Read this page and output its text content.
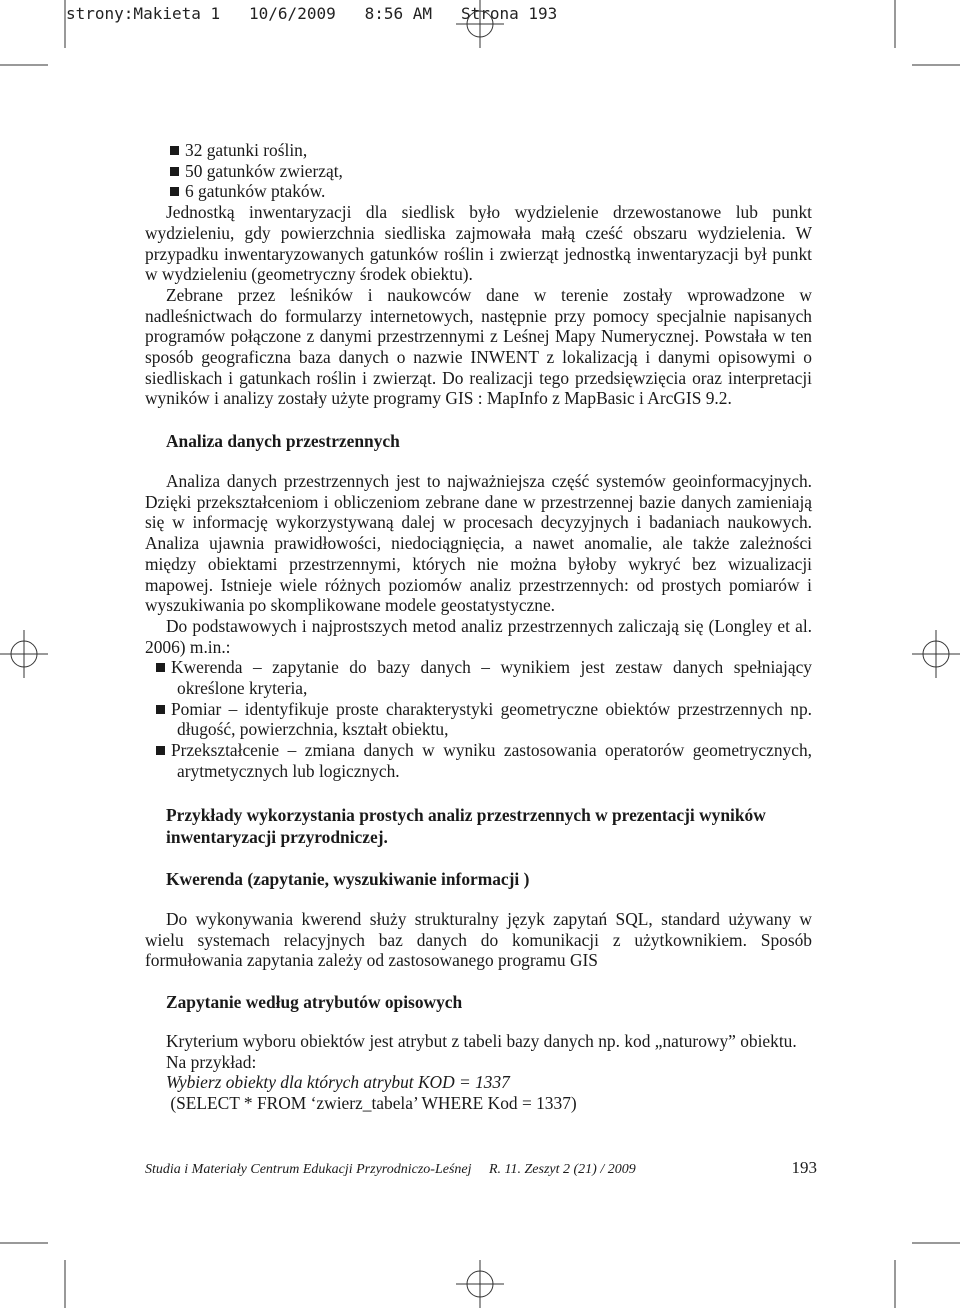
strony:Makieta 1   10/6/2009   8:56 AM   Strona 193
32 gatunki roślin,
50 gatunków zwierząt,
6 gatunków ptaków.

Jednostką inwentaryzacji dla siedlisk było wydzielenie drzewostanowe lub punkt wydzieleniu, gdy powierzchnia siedliska zajmowała małą cześć obszaru wydzielenia. W przypadku inwentaryzowanych gatunków roślin i zwierząt jednostką inwentaryzacji był punkt w wydzieleniu (geometryczny środek obiektu).

Zebrane przez leśników i naukowców dane w terenie zostały wprowadzone w nadleśnictwach do formularzy internetowych, następnie przy pomocy specjalnie napisanych programów połączone z danymi przestrzennymi z Leśnej Mapy Numerycznej. Powstała w ten sposób geograficzna baza danych o nazwie INWENT z lokalizacją i danymi opisowymi o siedliskach i gatunkach roślin i zwierząt. Do realizacji tego przedsięwzięcia oraz interpretacji wyników i analizy zostały użyte programy GIS : MapInfo z MapBasic i ArcGIS 9.2.

Analiza danych przestrzennych

Analiza danych przestrzennych jest to najważniejsza część systemów geoinformacyjnych. Dzięki przekształceniom i obliczeniom zebrane dane w przestrzennej bazie danych zamieniają się w informację wykorzystywaną dalej w procesach decyzyjnych i badaniach naukowych. Analiza ujawnia prawidłowości, niedociągnięcia, a nawet anomalie, ale także zależności między obiektami przestrzennymi, których nie można byłoby wykryć bez wizualizacji mapowej. Istnieje wiele różnych poziomów analiz przestrzennych: od prostych pomiarów i wyszukiwania po skomplikowane modele geostatystyczne.

Do podstawowych i najprostszych metod analiz przestrzennych zaliczają się (Longley et al. 2006) m.in.:

Kwerenda – zapytanie do bazy danych – wynikiem jest zestaw danych spełniający określone kryteria,
Pomiar – identyfikuje proste charakterystyki geometryczne obiektów przestrzennych np. długość, powierzchnia, kształt obiektu,
Przekształcenie – zmiana danych w wyniku zastosowania operatorów geometrycznych, arytmetycznych lub logicznych.
Przykłady wykorzystania prostych analiz przestrzennych w prezentacji wyników inwentaryzacji przyrodniczej.
Kwerenda (zapytanie, wyszukiwanie informacji )

Do wykonywania kwerend służy strukturalny język zapytań SQL, standard używany w wielu systemach relacyjnych baz danych do komunikacji z użytkownikiem. Sposób formułowania zapytania zależy od zastosowanego programu GIS

Zapytanie według atrybutów opisowych
Kryterium wyboru obiektów jest atrybut z tabeli bazy danych np. kod „naturowy” obiektu.
Na przykład:
Wybierz obiekty dla których atrybut KOD = 1337
(SELECT * FROM ‘zwierz_tabela’ WHERE Kod = 1337)
Studia i Materiały Centrum Edukacji Przyrodniczo-Leśnej     R. 11. Zeszyt 2 (21) / 2009	193
